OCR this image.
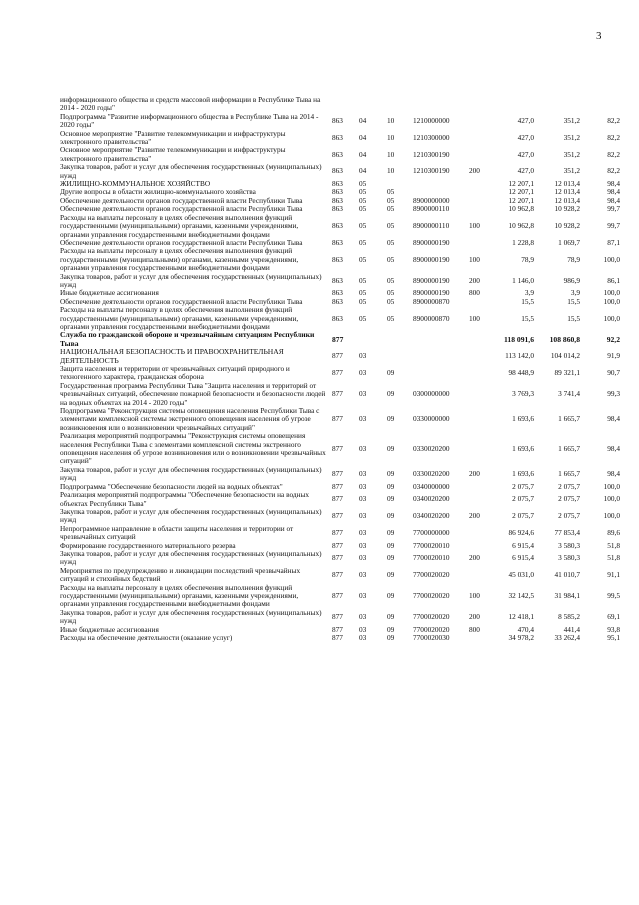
3
информационного общества и средств массовой информации в Республике Тыва на 2014 - 2020 годы"								
Подпрограмма "Развитие информационного общества в Республике Тыва на 2014 - 2020 годы"	863	04	10	1210000000		427,0	351,2	82,2
Основное мероприятие "Развитие телекоммуникации и инфраструктуры электронного правительства"	863	04	10	1210300000		427,0	351,2	82,2
Основное мероприятие "Развитие телекоммуникации и инфраструктуры электронного правительства"	863	04	10	1210300190		427,0	351,2	82,2
Закупка товаров, работ и услуг для обеспечения государственных (муниципальных) нужд	863	04	10	1210300190	200	427,0	351,2	82,2
ЖИЛИЩНО-КОММУНАЛЬНОЕ ХОЗЯЙСТВО	863	05				12 207,1	12 013,4	98,4
Другие вопросы в области жилищно-коммунального хозяйства	863	05	05			12 207,1	12 013,4	98,4
Обеспечение деятельности органов государственной власти Республики Тыва	863	05	05	8900000000		12 207,1	12 013,4	98,4
Обеспечение деятельности органов государственной власти Республики Тыва	863	05	05	8900000110		10 962,8	10 928,2	99,7
Расходы на выплаты персоналу в целях обеспечения выполнения функций государственными (муниципальными) органами, казенными учреждениями, органами управления государственными внебюджетными фондами	863	05	05	8900000110	100	10 962,8	10 928,2	99,7
Обеспечение деятельности органов государственной власти Республики Тыва	863	05	05	8900000190		1 228,8	1 069,7	87,1
Расходы на выплаты персоналу в целях обеспечения выполнения функций государственными (муниципальными) органами, казенными учреждениями, органами управления государственными внебюджетными фондами	863	05	05	8900000190	100	78,9	78,9	100,0
Закупка товаров, работ и услуг для обеспечения государственных (муниципальных) нужд	863	05	05	8900000190	200	1 146,0	986,9	86,1
Иные бюджетные ассигнования	863	05	05	8900000190	800	3,9	3,9	100,0
Обеспечение деятельности органов государственной власти Республики Тыва	863	05	05	8900000870		15,5	15,5	100,0
Расходы на выплаты персоналу в целях обеспечения выполнения функций государственными (муниципальными) органами, казенными учреждениями, органами управления государственными внебюджетными фондами	863	05	05	8900000870	100	15,5	15,5	100,0
Служба по гражданской обороне и чрезвычайным ситуациям Республики Тыва	877					118 091,6	108 860,8	92,2
НАЦИОНАЛЬНАЯ БЕЗОПАСНОСТЬ И ПРАВООХРАНИТЕЛЬНАЯ ДЕЯТЕЛЬНОСТЬ	877	03				113 142,0	104 014,2	91,9
Защита населения и территории от чрезвычайных ситуаций природного и техногенного характера, гражданская оборона	877	03	09			98 448,9	89 321,1	90,7
Государственная программа Республики Тыва "Защита населения и территорий от чрезвычайных ситуаций, обеспечение пожарной безопасности и безопасности людей на водных объектах на 2014 - 2020 годы"	877	03	09	0300000000		3 769,3	3 741,4	99,3
Подпрограмма "Реконструкция системы оповещения населения Республики Тыва с элементами комплексной системы экстренного оповещения населения об угрозе возникновения или о возникновении чрезвычайных ситуаций"	877	03	09	0330000000		1 693,6	1 665,7	98,4
Реализация мероприятий подпрограммы "Реконструкция системы оповещения населения Республики Тыва с элементами комплексной системы экстренного оповещения населения об угрозе возникновения или о возникновении чрезвычайных ситуаций"	877	03	09	0330020200		1 693,6	1 665,7	98,4
Закупка товаров, работ и услуг для обеспечения государственных (муниципальных) нужд	877	03	09	0330020200	200	1 693,6	1 665,7	98,4
Подпрограмма "Обеспечение безопасности людей на водных объектах"	877	03	09	0340000000		2 075,7	2 075,7	100,0
Реализация мероприятий подпрограммы "Обеспечение безопасности на водных объектах Республики Тыва"	877	03	09	0340020200		2 075,7	2 075,7	100,0
Закупка товаров, работ и услуг для обеспечения государственных (муниципальных) нужд	877	03	09	0340020200	200	2 075,7	2 075,7	100,0
Непрограммное направление в области защиты населения и территории от чрезвычайных ситуаций	877	03	09	7700000000		86 924,6	77 853,4	89,6
Формирование государственного материального резерва	877	03	09	7700020010		6 915,4	3 580,3	51,8
Закупка товаров, работ и услуг для обеспечения государственных (муниципальных) нужд	877	03	09	7700020010	200	6 915,4	3 580,3	51,8
Мероприятия по предупреждению и ликвидации последствий чрезвычайных ситуаций и стихийных бедствий	877	03	09	7700020020		45 031,0	41 010,7	91,1
Расходы на выплаты персоналу в целях обеспечения выполнения функций государственными (муниципальными) органами, казенными учреждениями, органами управления государственными внебюджетными фондами	877	03	09	7700020020	100	32 142,5	31 984,1	99,5
Закупка товаров, работ и услуг для обеспечения государственных (муниципальных) нужд	877	03	09	7700020020	200	12 418,1	8 585,2	69,1
Иные бюджетные ассигнования	877	03	09	7700020020	800	470,4	441,4	93,8
Расходы на обеспечение деятельности (оказание услуг)	877	03	09	7700020030		34 978,2	33 262,4	95,1
